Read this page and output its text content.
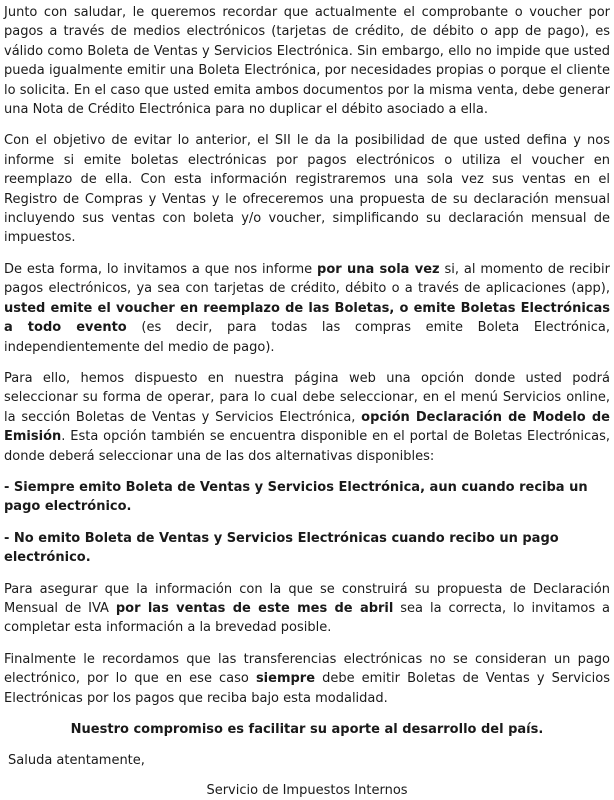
Junto con saludar, le queremos recordar que actualmente el comprobante o voucher por pagos a través de medios electrónicos (tarjetas de crédito, de débito o app de pago), es válido como Boleta de Ventas y Servicios Electrónica. Sin embargo, ello no impide que usted pueda igualmente emitir una Boleta Electrónica, por necesidades propias o porque el cliente lo solicita. En el caso que usted emita ambos documentos por la misma venta, debe generar una Nota de Crédito Electrónica para no duplicar el débito asociado a ella.

Con el objetivo de evitar lo anterior, el SII le da la posibilidad de que usted defina y nos informe si emite boletas electrónicas por pagos electrónicos o utiliza el voucher en reemplazo de ella. Con esta información registraremos una sola vez sus ventas en el Registro de Compras y Ventas y le ofreceremos una propuesta de su declaración mensual incluyendo sus ventas con boleta y/o voucher, simplificando su declaración mensual de impuestos.

De esta forma, lo invitamos a que nos informe por una sola vez si, al momento de recibir pagos electrónicos, ya sea con tarjetas de crédito, débito o a través de aplicaciones (app), usted emite el voucher en reemplazo de las Boletas, o emite Boletas Electrónicas a todo evento (es decir, para todas las compras emite Boleta Electrónica, independientemente del medio de pago).

Para ello, hemos dispuesto en nuestra página web una opción donde usted podrá seleccionar su forma de operar, para lo cual debe seleccionar, en el menú Servicios online, la sección Boletas de Ventas y Servicios Electrónica, opción Declaración de Modelo de Emisión. Esta opción también se encuentra disponible en el portal de Boletas Electrónicas, donde deberá seleccionar una de las dos alternativas disponibles:

- Siempre emito Boleta de Ventas y Servicios Electrónica, aun cuando reciba un pago electrónico.

- No emito Boleta de Ventas y Servicios Electrónicas cuando recibo un pago electrónico.

Para asegurar que la información con la que se construirá su propuesta de Declaración Mensual de IVA por las ventas de este mes de abril sea la correcta, lo invitamos a completar esta información a la brevedad posible.

Finalmente le recordamos que las transferencias electrónicas no se consideran un pago electrónico, por lo que en ese caso siempre debe emitir Boletas de Ventas y Servicios Electrónicas por los pagos que reciba bajo esta modalidad.

Nuestro compromiso es facilitar su aporte al desarrollo del país.

Saluda atentamente,

Servicio de Impuestos Internos
